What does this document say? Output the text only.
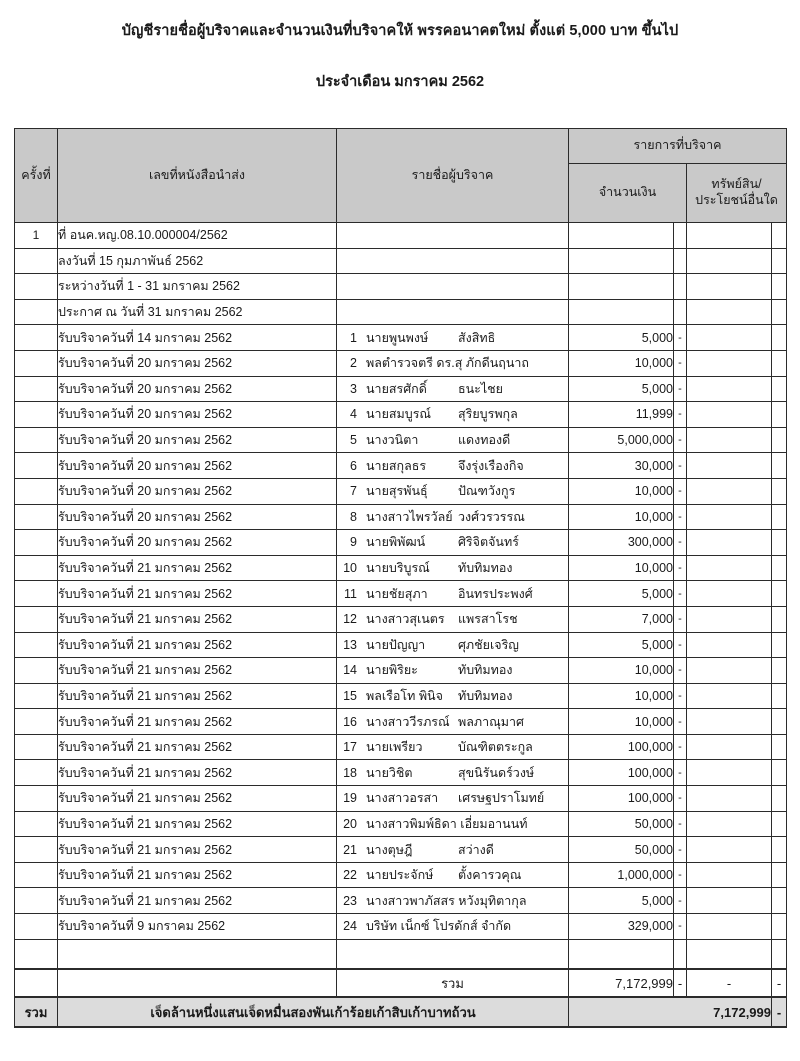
บัญชีรายชื่อผู้บริจาคและจำนวนเงินที่บริจาคให้ พรรคอนาคตใหม่ ตั้งแต่ 5,000 บาท ขึ้นไป
ประจำเดือน มกราคม 2562
ครั้งที่	เลขที่หนังสือนำส่ง	รายชื่อผู้บริจาค	รายการที่บริจาค			
			จำนวนเงิน		ทรัพย์สิน/
ประโยชน์อื่นใด	
1	ที่ อนค.หญ.08.10.000004/2562					
	ลงวันที่ 15 กุมภาพันธ์ 2562					
	ระหว่างวันที่ 1 - 31 มกราคม 2562					
	ประกาศ ณ วันที่ 31 มกราคม 2562					
	รับบริจาควันที่ 14 มกราคม 2562	1 นายพูนพงษ์ สังสิทธิ	5,000	-		
	รับบริจาควันที่ 20 มกราคม 2562	2 พลตำรวจตรี ดร.สุ ภักดีนฤนาถ	10,000	-		
	รับบริจาควันที่ 20 มกราคม 2562	3 นายสรศักดิ์ ธนะไชย	5,000	-		
	รับบริจาควันที่ 20 มกราคม 2562	4 นายสมบูรณ์ สุริยบูรพกุล	11,999	-		
	รับบริจาควันที่ 20 มกราคม 2562	5 นางวนิตา แดงทองดี	5,000,000	-		
	รับบริจาควันที่ 20 มกราคม 2562	6 นายสกุลธร จึงรุ่งเรืองกิจ	30,000	-		
	รับบริจาควันที่ 20 มกราคม 2562	7 นายสุรพันธุ์ ปัณฑวังกูร	10,000	-		
	รับบริจาควันที่ 20 มกราคม 2562	8 นางสาวไพรวัลย์ วงศ์วรวรรณ	10,000	-		
	รับบริจาควันที่ 20 มกราคม 2562	9 นายพิพัฒน์ ศิริจิตจันทร์	300,000	-		
	รับบริจาควันที่ 21 มกราคม 2562	10 นายบริบูรณ์ ทับทิมทอง	10,000	-		
	รับบริจาควันที่ 21 มกราคม 2562	11 นายชัยสุภา อินทรประพงศ์	5,000	-		
	รับบริจาควันที่ 21 มกราคม 2562	12 นางสาวสุเนตร แพรสาโรช	7,000	-		
	รับบริจาควันที่ 21 มกราคม 2562	13 นายปัญญา ศุภชัยเจริญ	5,000	-		
	รับบริจาควันที่ 21 มกราคม 2562	14 นายพิริยะ ทับทิมทอง	10,000	-		
	รับบริจาควันที่ 21 มกราคม 2562	15 พลเรือโท พินิจ ทับทิมทอง	10,000	-		
	รับบริจาควันที่ 21 มกราคม 2562	16 นางสาววีรภรณ์ พลภาณุมาศ	10,000	-		
	รับบริจาควันที่ 21 มกราคม 2562	17 นายเพรียว บัณฑิตตระกูล	100,000	-		
	รับบริจาควันที่ 21 มกราคม 2562	18 นายวิชิต สุขนิรันดร์วงษ์	100,000	-		
	รับบริจาควันที่ 21 มกราคม 2562	19 นางสาวอรสา เศรษฐปราโมทย์	100,000	-		
	รับบริจาควันที่ 21 มกราคม 2562	20 นางสาวพิมพ์ธิดา เอี่ยมอานนท์	50,000	-		
	รับบริจาควันที่ 21 มกราคม 2562	21 นางตุษฎี สว่างดี	50,000	-		
	รับบริจาควันที่ 21 มกราคม 2562	22 นายประจักษ์ ตั้งคารวคุณ	1,000,000	-		
	รับบริจาควันที่ 21 มกราคม 2562	23 นางสาวพาภัสสร หวังมุทิตากุล	5,000	-		
	รับบริจาควันที่ 9 มกราคม 2562	24 บริษัท เน็กซ์ โปรดักส์ จำกัด	329,000	-		

		รวม	7,172,999	-	-	-
รวม	เจ็ดล้านหนึ่งแสนเจ็ดหมื่นสองพันเก้าร้อยเก้าสิบเก้าบาทถ้วน		7,172,999			-
